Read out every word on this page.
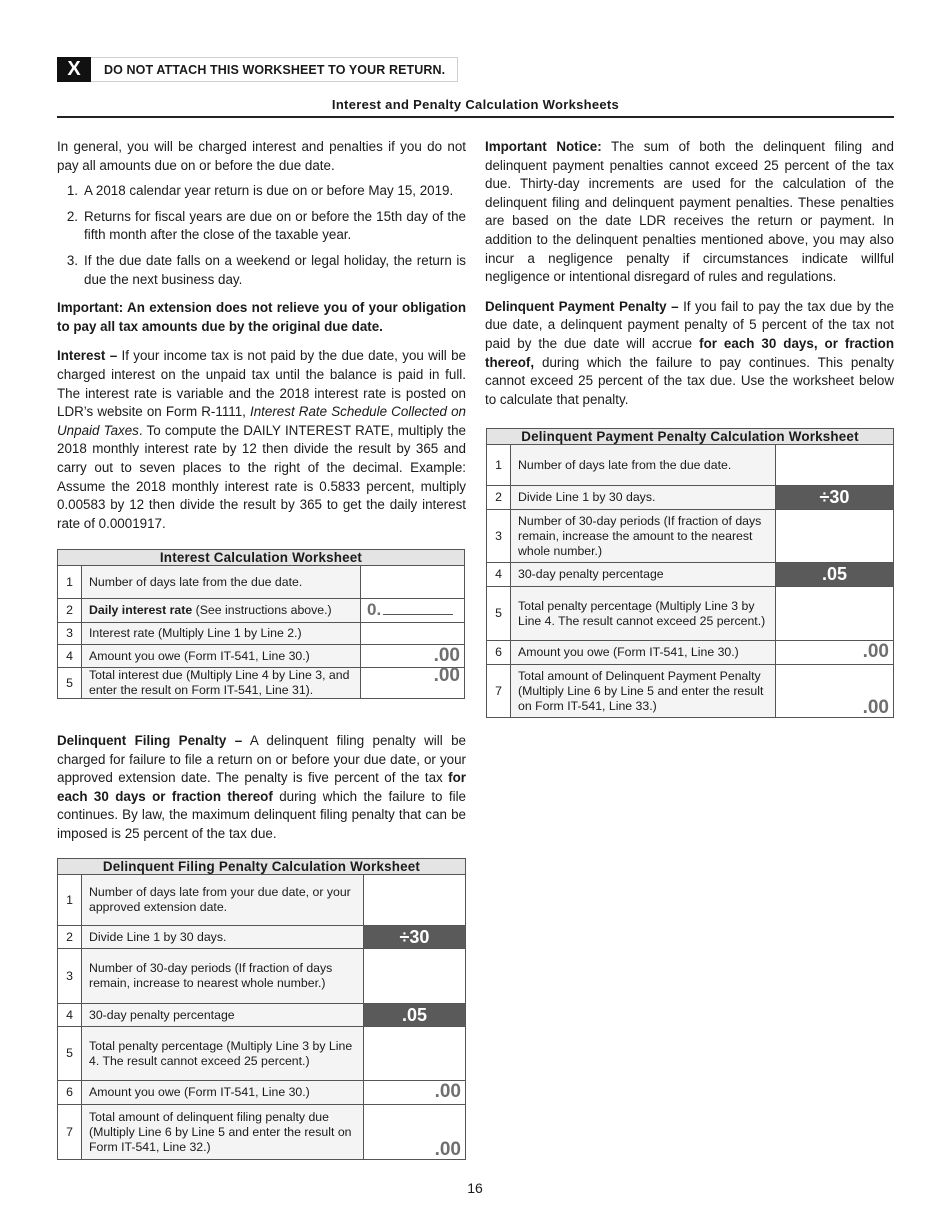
X	DO NOT ATTACH THIS WORKSHEET TO YOUR RETURN.
Interest and Penalty Calculation Worksheets

In general, you will be charged interest and penalties if you do not pay all amounts due on or before the due date.

1. A 2018 calendar year return is due on or before May 15, 2019.
2. Returns for fiscal years are due on or before the 15th day of the fifth month after the close of the taxable year.
3. If the due date falls on a weekend or legal holiday, the return is due the next business day.

Important: An extension does not relieve you of your obligation to pay all tax amounts due by the original due date.

Interest – If your income tax is not paid by the due date, you will be charged interest on the unpaid tax until the balance is paid in full. The interest rate is variable and the 2018 interest rate is posted on LDR’s website on Form R-1111, Interest Rate Schedule Collected on Unpaid Taxes. To compute the DAILY INTEREST RATE, multiply the 2018 monthly interest rate by 12 then divide the result by 365 and carry out to seven places to the right of the decimal. Example: Assume the 2018 monthly interest rate is 0.5833 percent, multiply 0.00583 by 12 then divide the result by 365 to get the daily interest rate of 0.0001917.

Delinquent Filing Penalty – A delinquent filing penalty will be charged for failure to file a return on or before your due date, or your approved extension date. The penalty is five percent of the tax for each 30 days or fraction thereof during which the failure to file continues. By law, the maximum delinquent filing penalty that can be imposed is 25 percent of the tax due.

Important Notice: The sum of both the delinquent filing and delinquent payment penalties cannot exceed 25 percent of the tax due. Thirty-day increments are used for the calculation of the delinquent filing and delinquent payment penalties. These penalties are based on the date LDR receives the return or payment. In addition to the delinquent penalties mentioned above, you may also incur a negligence penalty if circumstances indicate willful negligence or intentional disregard of rules and regulations.

Delinquent Payment Penalty – If you fail to pay the tax due by the due date, a delinquent payment penalty of 5 percent of the tax not paid by the due date will accrue for each 30 days, or fraction thereof, during which the failure to pay continues. This penalty cannot exceed 25 percent of the tax due. Use the worksheet below to calculate that penalty.

Interest Calculation Worksheet		
1	Number of days late from the due date.	
2	Daily interest rate (See instructions above.)	0.
3	Interest rate (Multiply Line 1 by Line 2.)	
4	Amount you owe (Form IT-541, Line 30.)	.00
5	Total interest due (Multiply Line 4 by Line 3, and enter the result on Form IT-541, Line 31).	.00
Delinquent Filing Penalty Calculation Worksheet		
1	Number of days late from your due date, or your approved extension date.	
2	Divide Line 1 by 30 days.	÷30
3	Number of 30-day periods (If fraction of days remain, increase to nearest whole number.)	
4	30-day penalty percentage	.05
5	Total penalty percentage (Multiply Line 3 by Line 4. The result cannot exceed 25 percent.)	
6	Amount you owe (Form IT-541, Line 30.)	.00
7	Total amount of delinquent filing penalty due (Multiply Line 6 by Line 5 and enter the result on Form IT-541, Line 32.)	.00
Delinquent Payment Penalty Calculation Worksheet		
1	Number of days late from the due date.	
2	Divide Line 1 by 30 days.	÷30
3	Number of 30-day periods (If fraction of days remain, increase the amount to the nearest whole number.)	
4	30-day penalty percentage	.05
5	Total penalty percentage (Multiply Line 3 by Line 4. The result cannot exceed 25 percent.)	
6	Amount you owe (Form IT-541, Line 30.)	.00
7	Total amount of Delinquent Payment Penalty (Multiply Line 6 by Line 5 and enter the result on Form IT-541, Line 33.)	.00
16
